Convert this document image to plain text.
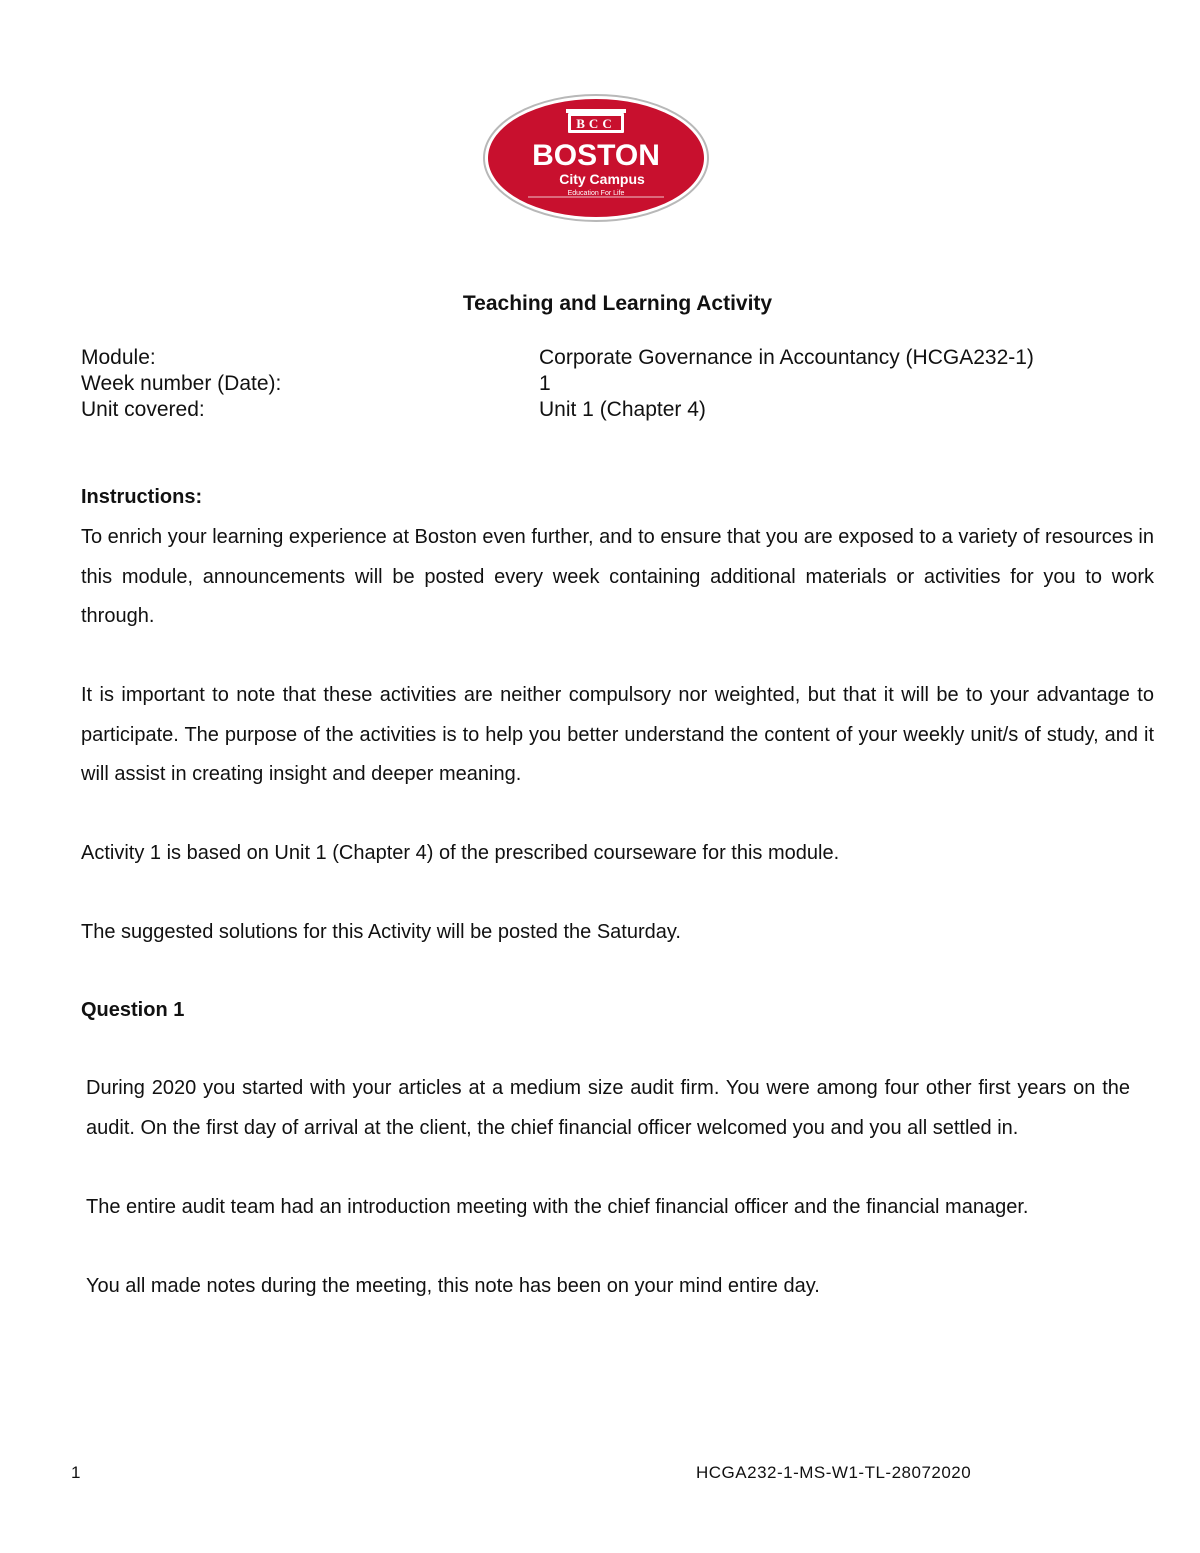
BCC
BOSTON
City Campus
Education For Life
Teaching and Learning Activity
Module:	Corporate Governance in Accountancy (HCGA232-1)
Week number (Date):	1
Unit covered:	Unit 1 (Chapter 4)
Instructions:

To enrich your learning experience at Boston even further, and to ensure that you are exposed to a variety of resources in this module, announcements will be posted every week containing additional materials or activities for you to work through.

It is important to note that these activities are neither compulsory nor weighted, but that it will be to your advantage to participate. The purpose of the activities is to help you better understand the content of your weekly unit/s of study, and it will assist in creating insight and deeper meaning.

Activity 1 is based on Unit 1 (Chapter 4) of the prescribed courseware for this module.

The suggested solutions for this Activity will be posted the Saturday.

Question 1

During 2020 you started with your articles at a medium size audit firm. You were among four other first years on the audit. On the first day of arrival at the client, the chief financial officer welcomed you and you all settled in.

The entire audit team had an introduction meeting with the chief financial officer and the financial manager.

You all made notes during the meeting, this note has been on your mind entire day.

1	HCGA232-1-MS-W1-TL-28072020
